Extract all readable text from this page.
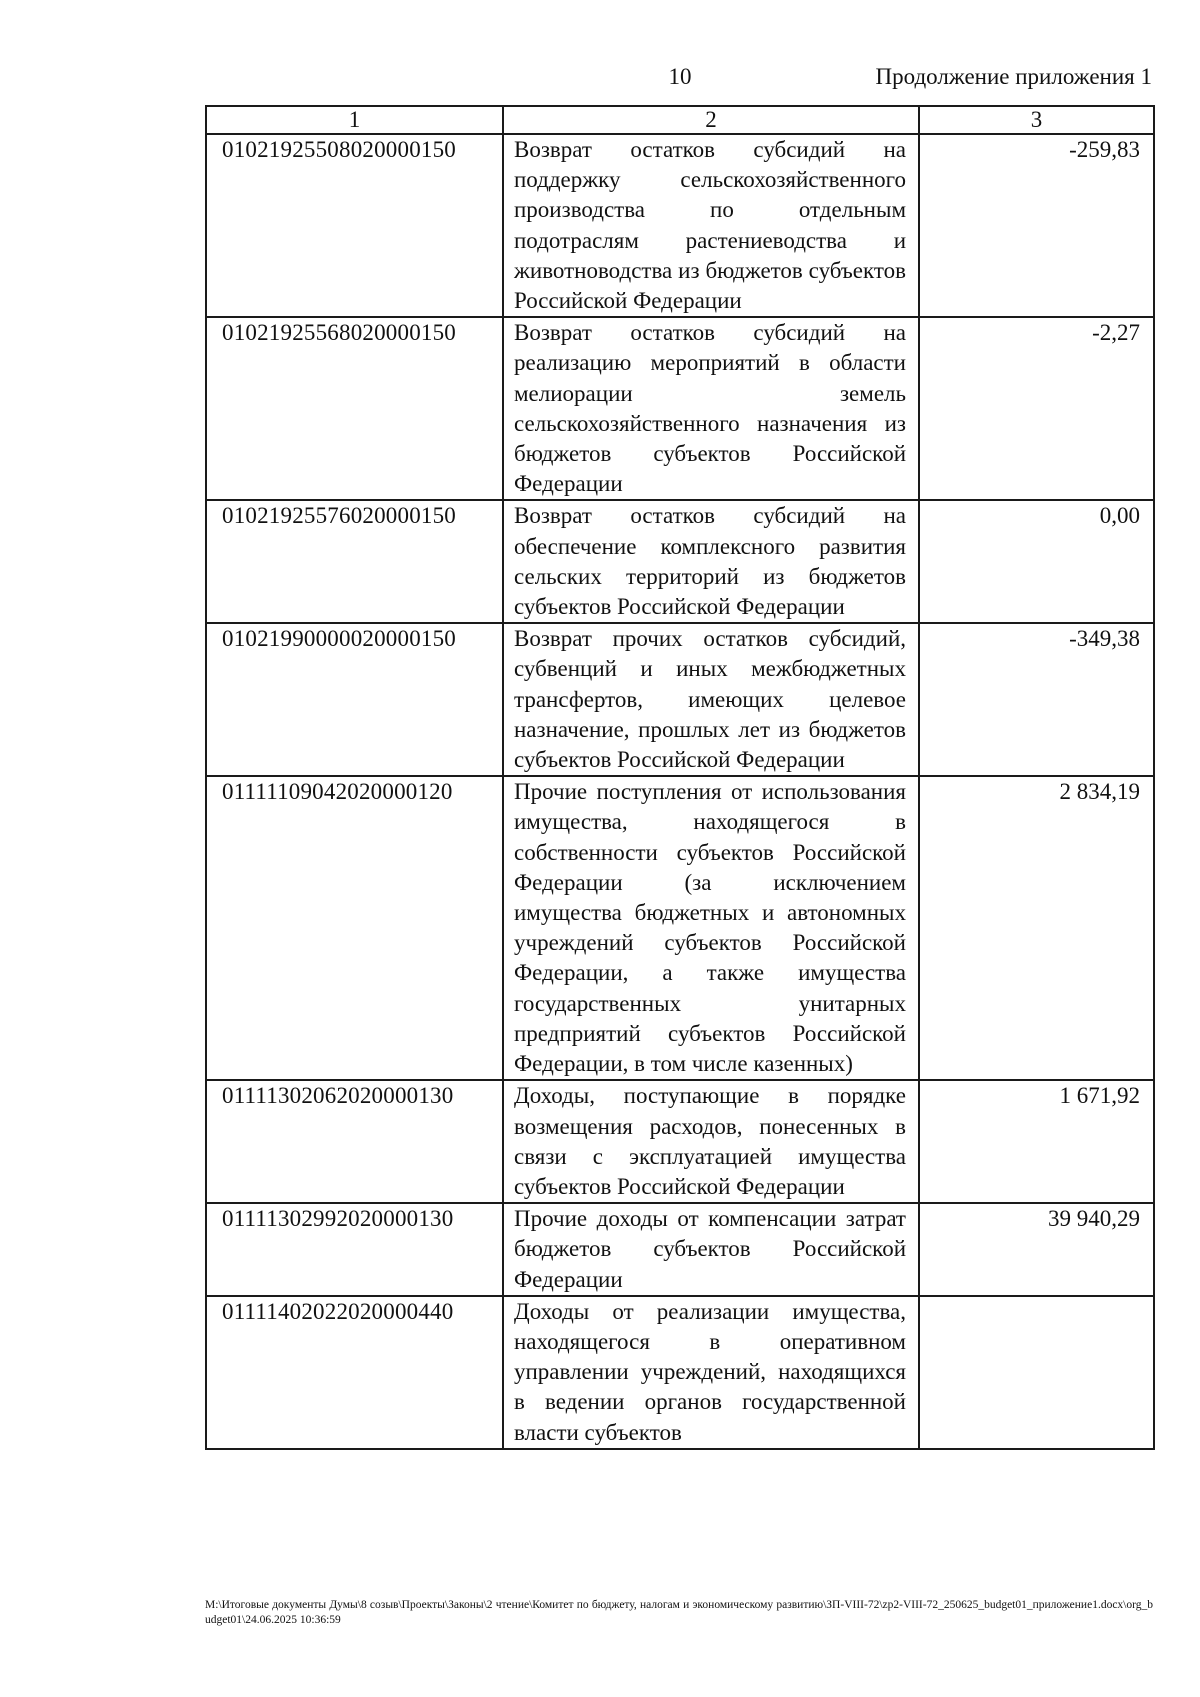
10	Продолжение приложения 1
1	2	3
01021925508020000150	Возврат остатков субсидий на поддержку сельскохозяйственного производства по отдельным подотраслям растениеводства и животноводства из бюджетов субъектов Российской Федерации	-259,83
01021925568020000150	Возврат остатков субсидий на реализацию мероприятий в области мелиорации земель сельскохозяйственного назначения из бюджетов субъектов Российской Федерации	-2,27
01021925576020000150	Возврат остатков субсидий на обеспечение комплексного развития сельских территорий из бюджетов субъектов Российской Федерации	0,00
01021990000020000150	Возврат прочих остатков субсидий, субвенций и иных межбюджетных трансфертов, имеющих целевое назначение, прошлых лет из бюджетов субъектов Российской Федерации	-349,38
01111109042020000120	Прочие поступления от использования имущества, находящегося в собственности субъектов Российской Федерации (за исключением имущества бюджетных и автономных учреждений субъектов Российской Федерации, а также имущества государственных унитарных предприятий субъектов Российской Федерации, в том числе казенных)	2 834,19
01111302062020000130	Доходы, поступающие в порядке возмещения расходов, понесенных в связи с эксплуатацией имущества субъектов Российской Федерации	1 671,92
01111302992020000130	Прочие доходы от компенсации затрат бюджетов субъектов Российской Федерации	39 940,29
01111402022020000440	Доходы от реализации имущества, находящегося в оперативном управлении учреждений, находящихся в ведении органов государственной власти субъектов	
М:\Итоговые документы Думы\8 созыв\Проекты\Законы\2 чтение\Комитет по бюджету, налогам и экономическому развитию\ЗП-VIII-72\zp2-VIII-72_250625_budget01_приложение1.docx\org_budget01\24.06.2025 10:36:59
